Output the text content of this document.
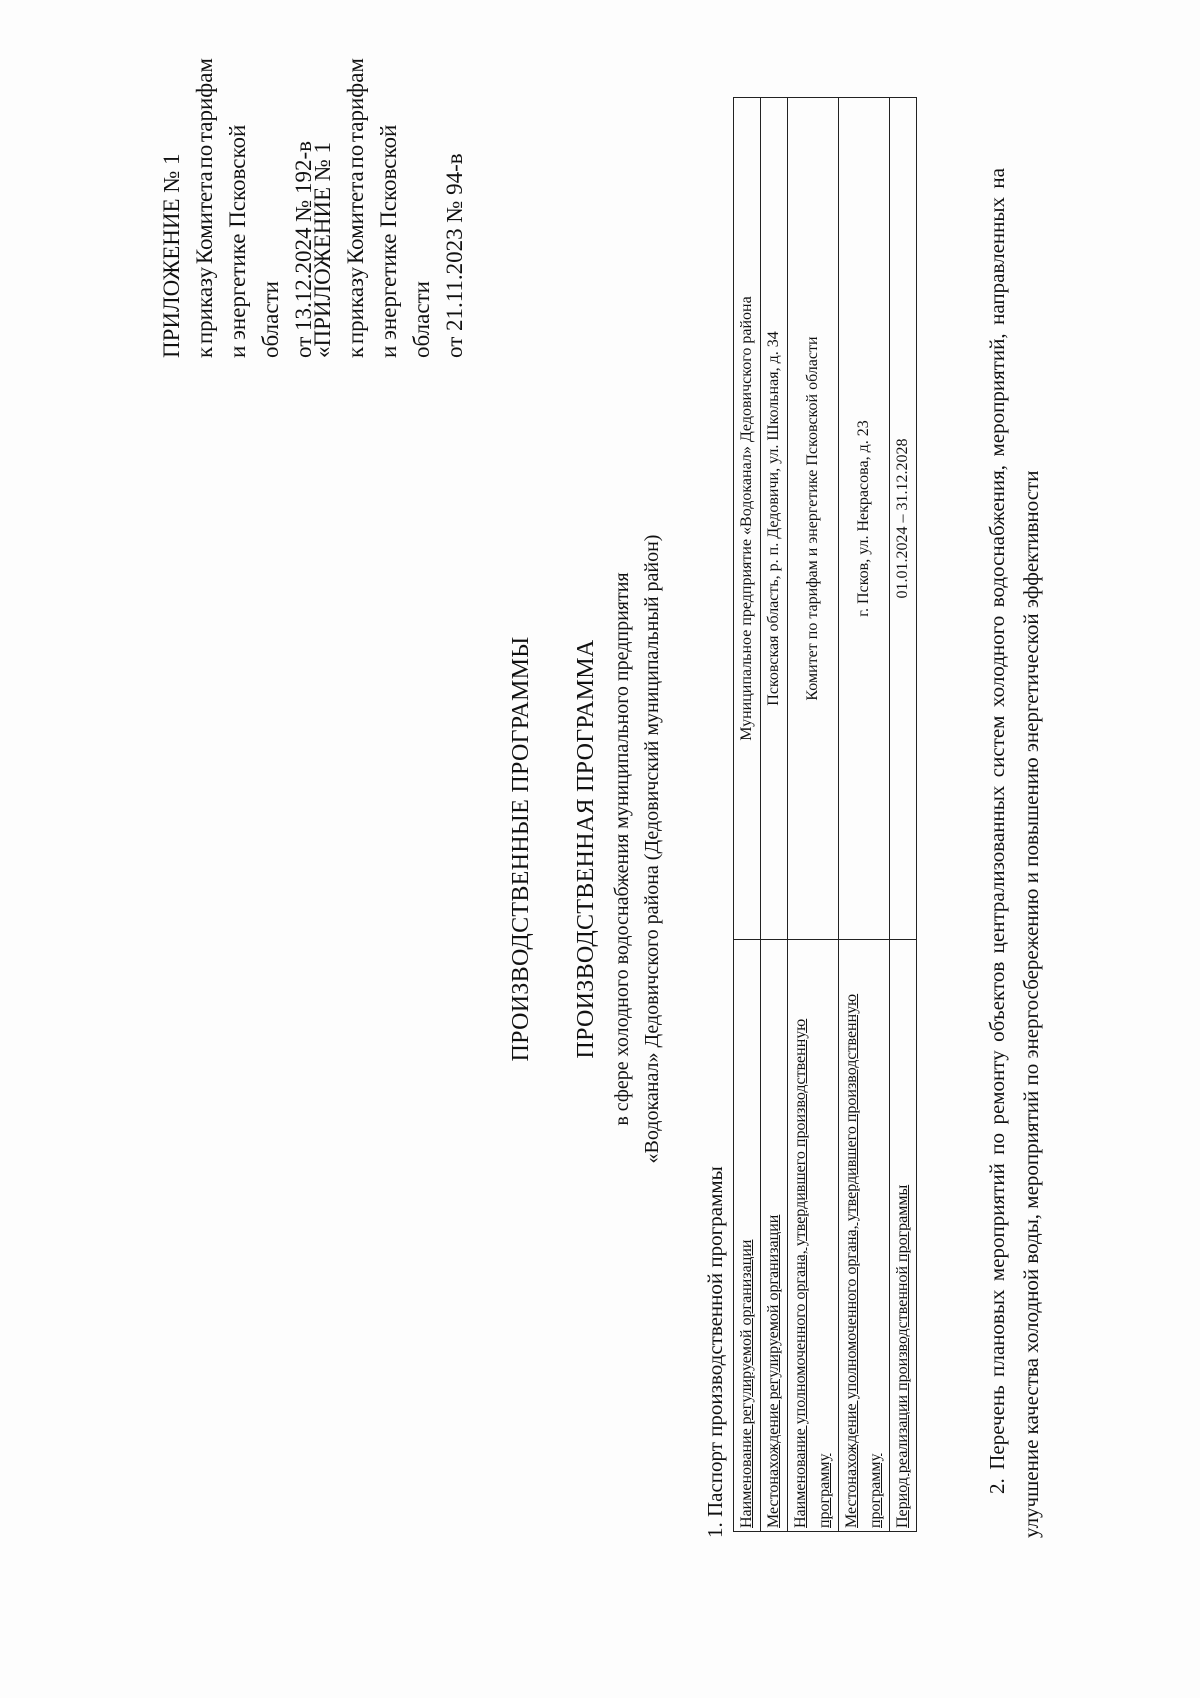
ПРИЛОЖЕНИЕ № 1 к
приказу
Комитета
по
тарифам
и энергетике Псковской области от 13.12.2024 № 192-в
«ПРИЛОЖЕНИЕ № 1 к
приказу
Комитета
по
тарифам
и энергетике Псковской области от 21.11.2023 № 94-в
ПРОИЗВОДСТВЕННЫЕ ПРОГРАММЫ ПРОИЗВОДСТВЕННАЯ ПРОГРАММА в сфере холодного водоснабжения муниципального предприятия «Водоканал» Дедовичского района (Дедовичский муниципальный район)
1. Паспорт производственной программы Наименование регулируемой организации	Муниципальное предприятие «Водоканал» Дедовичского района
Местонахождение регулируемой организации	Псковская область, р. п. Дедовичи, ул. Школьная, д. 34
Наименование уполномоченного органа, утвердившего производственную программу	Комитет по тарифам и энергетике Псковской области
Местонахождение уполномоченного органа, утвердившего производственную программу	г. Псков, ул. Некрасова, д. 23
Период реализации производственной программы	01.01.2024 – 31.12.2028	2. Перечень плановых мероприятий по ремонту объектов централизованных систем холодного водоснабжения, мероприятий, направленных на улучшение качества холодной воды, мероприятий по энергосбережению и повышению энергетической эффективности
